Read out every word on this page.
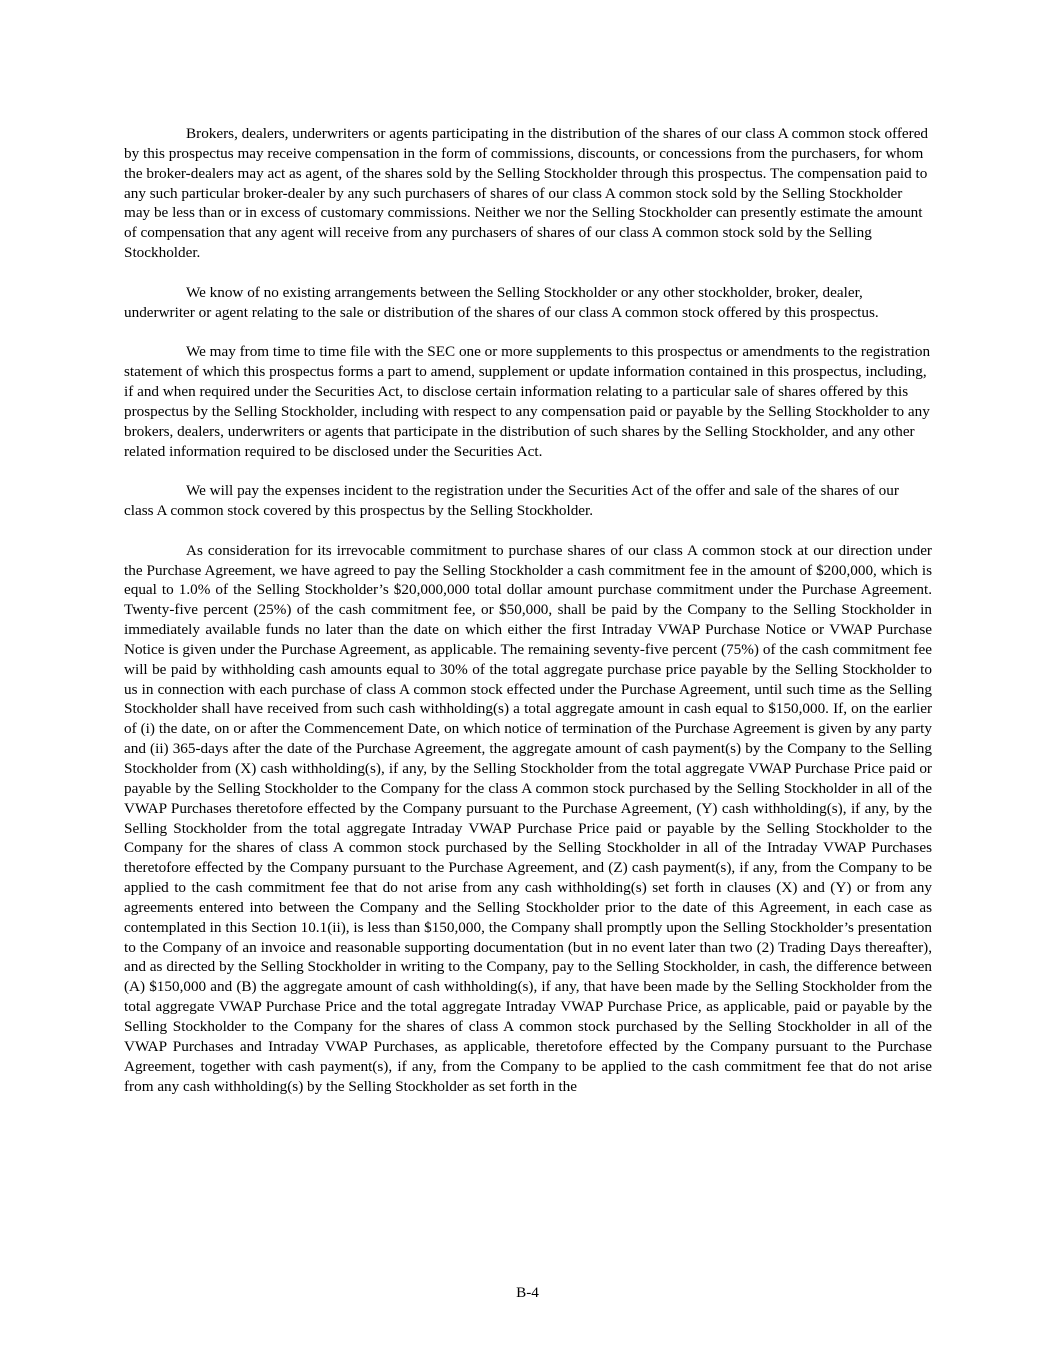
Brokers, dealers, underwriters or agents participating in the distribution of the shares of our class A common stock offered by this prospectus may receive compensation in the form of commissions, discounts, or concessions from the purchasers, for whom the broker-dealers may act as agent, of the shares sold by the Selling Stockholder through this prospectus. The compensation paid to any such particular broker-dealer by any such purchasers of shares of our class A common stock sold by the Selling Stockholder may be less than or in excess of customary commissions. Neither we nor the Selling Stockholder can presently estimate the amount of compensation that any agent will receive from any purchasers of shares of our class A common stock sold by the Selling Stockholder.

We know of no existing arrangements between the Selling Stockholder or any other stockholder, broker, dealer, underwriter or agent relating to the sale or distribution of the shares of our class A common stock offered by this prospectus.

We may from time to time file with the SEC one or more supplements to this prospectus or amendments to the registration statement of which this prospectus forms a part to amend, supplement or update information contained in this prospectus, including, if and when required under the Securities Act, to disclose certain information relating to a particular sale of shares offered by this prospectus by the Selling Stockholder, including with respect to any compensation paid or payable by the Selling Stockholder to any brokers, dealers, underwriters or agents that participate in the distribution of such shares by the Selling Stockholder, and any other related information required to be disclosed under the Securities Act.

We will pay the expenses incident to the registration under the Securities Act of the offer and sale of the shares of our class A common stock covered by this prospectus by the Selling Stockholder.

As consideration for its irrevocable commitment to purchase shares of our class A common stock at our direction under the Purchase Agreement, we have agreed to pay the Selling Stockholder a cash commitment fee in the amount of $200,000, which is equal to 1.0% of the Selling Stockholder’s $20,000,000 total dollar amount purchase commitment under the Purchase Agreement. Twenty-five percent (25%) of the cash commitment fee, or $50,000, shall be paid by the Company to the Selling Stockholder in immediately available funds no later than the date on which either the first Intraday VWAP Purchase Notice or VWAP Purchase Notice is given under the Purchase Agreement, as applicable. The remaining seventy-five percent (75%) of the cash commitment fee will be paid by withholding cash amounts equal to 30% of the total aggregate purchase price payable by the Selling Stockholder to us in connection with each purchase of class A common stock effected under the Purchase Agreement, until such time as the Selling Stockholder shall have received from such cash withholding(s) a total aggregate amount in cash equal to $150,000. If, on the earlier of (i) the date, on or after the Commencement Date, on which notice of termination of the Purchase Agreement is given by any party and (ii) 365-days after the date of the Purchase Agreement, the aggregate amount of cash payment(s) by the Company to the Selling Stockholder from (X) cash withholding(s), if any, by the Selling Stockholder from the total aggregate VWAP Purchase Price paid or payable by the Selling Stockholder to the Company for the class A common stock purchased by the Selling Stockholder in all of the VWAP Purchases theretofore effected by the Company pursuant to the Purchase Agreement, (Y) cash withholding(s), if any, by the Selling Stockholder from the total aggregate Intraday VWAP Purchase Price paid or payable by the Selling Stockholder to the Company for the shares of class A common stock purchased by the Selling Stockholder in all of the Intraday VWAP Purchases theretofore effected by the Company pursuant to the Purchase Agreement, and (Z) cash payment(s), if any, from the Company to be applied to the cash commitment fee that do not arise from any cash withholding(s) set forth in clauses (X) and (Y) or from any agreements entered into between the Company and the Selling Stockholder prior to the date of this Agreement, in each case as contemplated in this Section 10.1(ii), is less than $150,000, the Company shall promptly upon the Selling Stockholder’s presentation to the Company of an invoice and reasonable supporting documentation (but in no event later than two (2) Trading Days thereafter), and as directed by the Selling Stockholder in writing to the Company, pay to the Selling Stockholder, in cash, the difference between (A) $150,000 and (B) the aggregate amount of cash withholding(s), if any, that have been made by the Selling Stockholder from the total aggregate VWAP Purchase Price and the total aggregate Intraday VWAP Purchase Price, as applicable, paid or payable by the Selling Stockholder to the Company for the shares of class A common stock purchased by the Selling Stockholder in all of the VWAP Purchases and Intraday VWAP Purchases, as applicable, theretofore effected by the Company pursuant to the Purchase Agreement, together with cash payment(s), if any, from the Company to be applied to the cash commitment fee that do not arise from any cash withholding(s) by the Selling Stockholder as set forth in the

B-4
